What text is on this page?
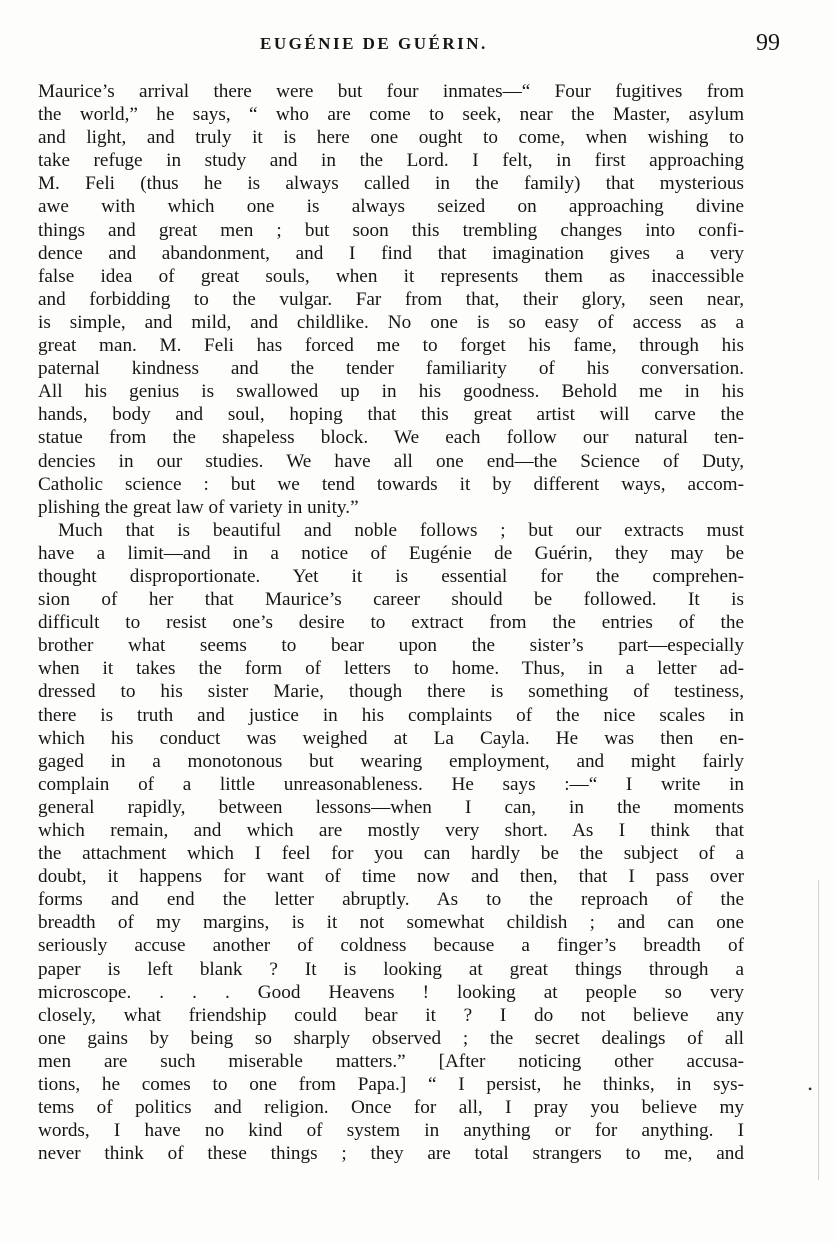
EUGÉNIE DE GUÉRIN.	99
Maurice’s arrival there were but four inmates—“ Four fugitives from
the world,” he says, “ who are come to seek, near the Master, asylum
and light, and truly it is here one ought to come, when wishing to
take refuge in study and in the Lord. I felt, in first approaching
M. Feli (thus he is always called in the family) that mysterious
awe with which one is always seized on approaching divine
things and great men ; but soon this trembling changes into confi-
dence and abandonment, and I find that imagination gives a very
false idea of great souls, when it represents them as inaccessible
and forbidding to the vulgar. Far from that, their glory, seen near,
is simple, and mild, and childlike. No one is so easy of access as a
great man. M. Feli has forced me to forget his fame, through his
paternal kindness and the tender familiarity of his conversation.
All his genius is swallowed up in his goodness. Behold me in his
hands, body and soul, hoping that this great artist will carve the
statue from the shapeless block. We each follow our natural ten-
dencies in our studies. We have all one end—the Science of Duty,
Catholic science : but we tend towards it by different ways, accom-
plishing the great law of variety in unity.”
Much that is beautiful and noble follows ; but our extracts must
have a limit—and in a notice of Eugénie de Guérin, they may be
thought disproportionate. Yet it is essential for the comprehen-
sion of her that Maurice’s career should be followed. It is
difficult to resist one’s desire to extract from the entries of the
brother what seems to bear upon the sister’s part—especially
when it takes the form of letters to home. Thus, in a letter ad-
dressed to his sister Marie, though there is something of testiness,
there is truth and justice in his complaints of the nice scales in
which his conduct was weighed at La Cayla. He was then en-
gaged in a monotonous but wearing employment, and might fairly
complain of a little unreasonableness. He says :—“ I write in
general rapidly, between lessons—when I can, in the moments
which remain, and which are mostly very short. As I think that
the attachment which I feel for you can hardly be the subject of a
doubt, it happens for want of time now and then, that I pass over
forms and end the letter abruptly. As to the reproach of the
breadth of my margins, is it not somewhat childish ; and can one
seriously accuse another of coldness because a finger’s breadth of
paper is left blank ? It is looking at great things through a
microscope. . . . Good Heavens ! looking at people so very
closely, what friendship could bear it ? I do not believe any
one gains by being so sharply observed ; the secret dealings of all
men are such miserable matters.” [After noticing other accusa-
tions, he comes to one from Papa.] “ I persist, he thinks, in sys-
tems of politics and religion. Once for all, I pray you believe my
words, I have no kind of system in anything or for anything. I
never think of these things ; they are total strangers to me, and
•
